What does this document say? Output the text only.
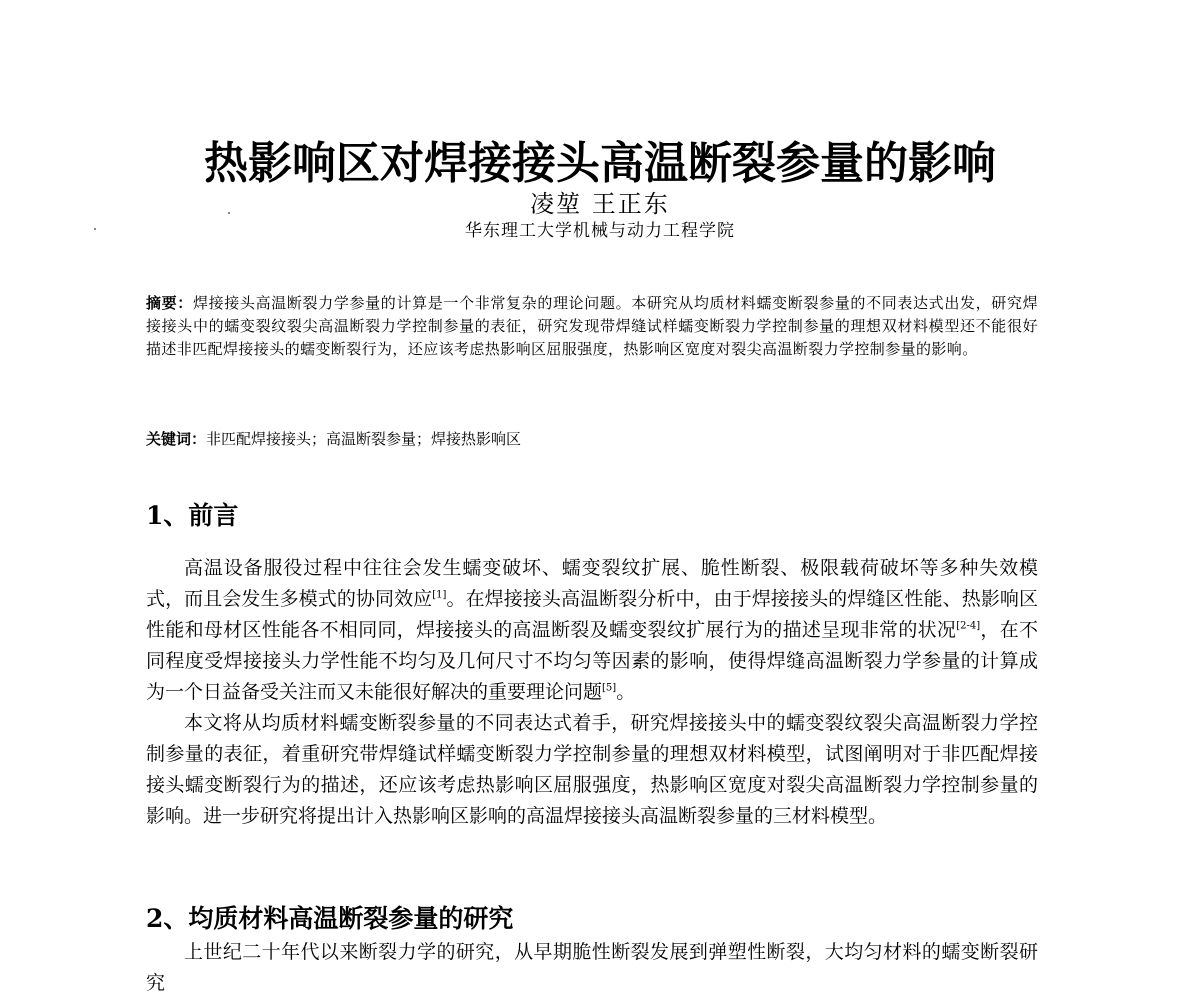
热影响区对焊接接头高温断裂参量的影响
凌堃 王正东
华东理工大学机械与动力工程学院
摘要：焊接接头高温断裂力学参量的计算是一个非常复杂的理论问题。本研究从均质材料蠕变断裂参量的不同表达式出发，研究焊接接头中的蠕变裂纹裂尖高温断裂力学控制参量的表征，研究发现带焊缝试样蠕变断裂力学控制参量的理想双材料模型还不能很好描述非匹配焊接接头的蠕变断裂行为，还应该考虑热影响区屈服强度，热影响区宽度对裂尖高温断裂力学控制参量的影响。
关键词：非匹配焊接接头；高温断裂参量；焊接热影响区
1、前言

高温设备服役过程中往往会发生蠕变破坏、蠕变裂纹扩展、脆性断裂、极限载荷破坏等多种失效模式，而且会发生多模式的协同效应[1]。在焊接接头高温断裂分析中，由于焊接接头的焊缝区性能、热影响区性能和母材区性能各不相同同，焊接接头的高温断裂及蠕变裂纹扩展行为的描述呈现非常的状况[2-4]，在不同程度受焊接接头力学性能不均匀及几何尺寸不均匀等因素的影响，使得焊缝高温断裂力学参量的计算成为一个日益备受关注而又未能很好解决的重要理论问题[5]。

本文将从均质材料蠕变断裂参量的不同表达式着手，研究焊接接头中的蠕变裂纹裂尖高温断裂力学控制参量的表征，着重研究带焊缝试样蠕变断裂力学控制参量的理想双材料模型，试图阐明对于非匹配焊接接头蠕变断裂行为的描述，还应该考虑热影响区屈服强度，热影响区宽度对裂尖高温断裂力学控制参量的影响。进一步研究将提出计入热影响区影响的高温焊接接头高温断裂参量的三材料模型。

2、均质材料高温断裂参量的研究

上世纪二十年代以来断裂力学的研究，从早期脆性断裂发展到弹塑性断裂，大均匀材料的蠕变断裂研究
